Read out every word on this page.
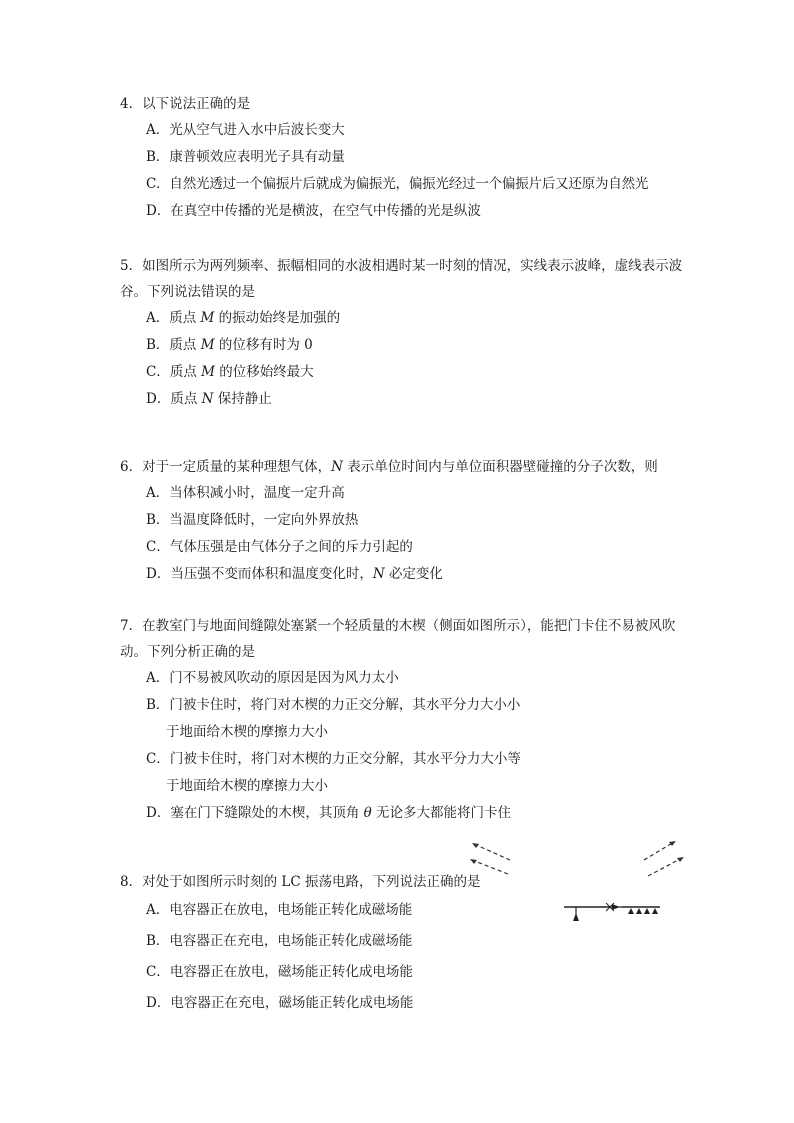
4．以下说法正确的是

A．光从空气进入水中后波长变大

B．康普顿效应表明光子具有动量

C．自然光透过一个偏振片后就成为偏振光，偏振光经过一个偏振片后又还原为自然光

D．在真空中传播的光是横波，在空气中传播的光是纵波

5．如图所示为两列频率、振幅相同的水波相遇时某一时刻的情况，实线表示波峰，虚线表示波谷。下列说法错误的是

A．质点 M 的振动始终是加强的

B．质点 M 的位移有时为 0

C．质点 M 的位移始终最大

D．质点 N 保持静止

6．对于一定质量的某种理想气体，N 表示单位时间内与单位面积器壁碰撞的分子次数，则

A．当体积减小时，温度一定升高

B．当温度降低时，一定向外界放热

C．气体压强是由气体分子之间的斥力引起的

D．当压强不变而体积和温度变化时，N 必定变化

7．在教室门与地面间缝隙处塞紧一个轻质量的木楔（侧面如图所示），能把门卡住不易被风吹动。下列分析正确的是

A．门不易被风吹动的原因是因为风力太小

B．门被卡住时，将门对木楔的力正交分解，其水平分力大小小

于地面给木楔的摩擦力大小

C．门被卡住时，将门对木楔的力正交分解，其水平分力大小等

于地面给木楔的摩擦力大小

D．塞在门下缝隙处的木楔，其顶角 θ 无论多大都能将门卡住

8．对处于如图所示时刻的 LC 振荡电路，下列说法正确的是

A．电容器正在放电，电场能正转化成磁场能

B．电容器正在充电，电场能正转化成磁场能

C．电容器正在放电，磁场能正转化成电场能

D．电容器正在充电，磁场能正转化成电场能
